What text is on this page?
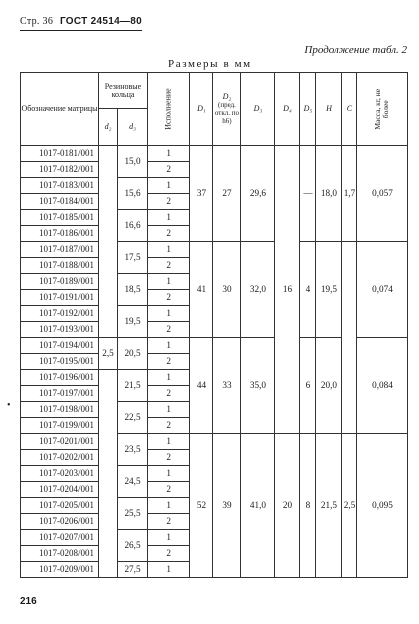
Стр. 36 ГОСТ 24514—80
Продолжение табл. 2
Размеры в мм
•
Обозначение матрицы	Резиновые кольца		Исполнение	D₁	D₂
(пред. откл. по h6)	D₃	D₄	D₅	H	C	Масса, кг, не более
	d₂	d₃									
1017-0181/001		15,0	1	37	27	29,6	16	—	18,0	1,7	0,057
1017-0182/001			2								
1017-0183/001		15,6	1								
1017-0184/001			2								
1017-0185/001		16,6	1								
1017-0186/001			2								
1017-0187/001		17,5	1	41	30	32,0		4	19,5		0,074
1017-0188/001			2								
1017-0189/001		18,5	1								
1017-0191/001			2								
1017-0192/001		19,5	1								
1017-0193/001			2								
1017-0194/001	2,5	20,5	1	44	33	35,0		6	20,0		0,084
1017-0195/001			2								
1017-0196/001		21,5	1								
1017-0197/001			2								
1017-0198/001		22,5	1								
1017-0199/001			2								
1017-0201/001		23,5	1	52	39	41,0	20	8	21,5	2,5	0,095
1017-0202/001			2								
1017-0203/001		24,5	1								
1017-0204/001			2								
1017-0205/001		25,5	1								
1017-0206/001			2								
1017-0207/001		26,5	1								
1017-0208/001			2								
1017-0209/001		27,5	1								
216
